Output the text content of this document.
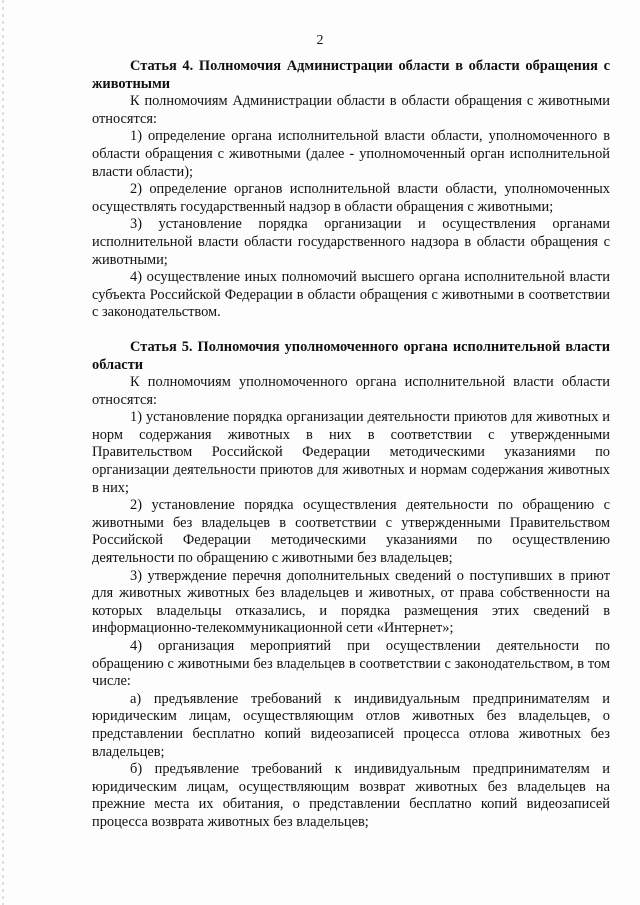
2

Статья 4. Полномочия Администрации области в области обращения с животными

К полномочиям Администрации области в области обращения с животными относятся:

1) определение органа исполнительной власти области, уполномоченного в области обращения с животными (далее - уполномоченный орган исполнительной власти области);

2) определение органов исполнительной власти области, уполномоченных осуществлять государственный надзор в области обращения с животными;

3) установление порядка организации и осуществления органами исполнительной власти области государственного надзора в области обращения с животными;

4) осуществление иных полномочий высшего органа исполнительной власти субъекта Российской Федерации в области обращения с животными в соответствии с законодательством.

Статья 5. Полномочия уполномоченного органа исполнительной власти области

К полномочиям уполномоченного органа исполнительной власти области относятся:

1) установление порядка организации деятельности приютов для животных и норм содержания животных в них в соответствии с утвержденными Правительством Российской Федерации методическими указаниями по организации деятельности приютов для животных и нормам содержания животных в них;

2) установление порядка осуществления деятельности по обращению с животными без владельцев в соответствии с утвержденными Правительством Российской Федерации методическими указаниями по осуществлению деятельности по обращению с животными без владельцев;

3) утверждение перечня дополнительных сведений о поступивших в приют для животных животных без владельцев и животных, от права собственности на которых владельцы отказались, и порядка размещения этих сведений в информационно-телекоммуникационной сети «Интернет»;

4) организация мероприятий при осуществлении деятельности по обращению с животными без владельцев в соответствии с законодательством, в том числе:

а) предъявление требований к индивидуальным предпринимателям и юридическим лицам, осуществляющим отлов животных без владельцев, о представлении бесплатно копий видеозаписей процесса отлова животных без владельцев;

б) предъявление требований к индивидуальным предпринимателям и юридическим лицам, осуществляющим возврат животных без владельцев на прежние места их обитания, о представлении бесплатно копий видеозаписей процесса возврата животных без владельцев;
